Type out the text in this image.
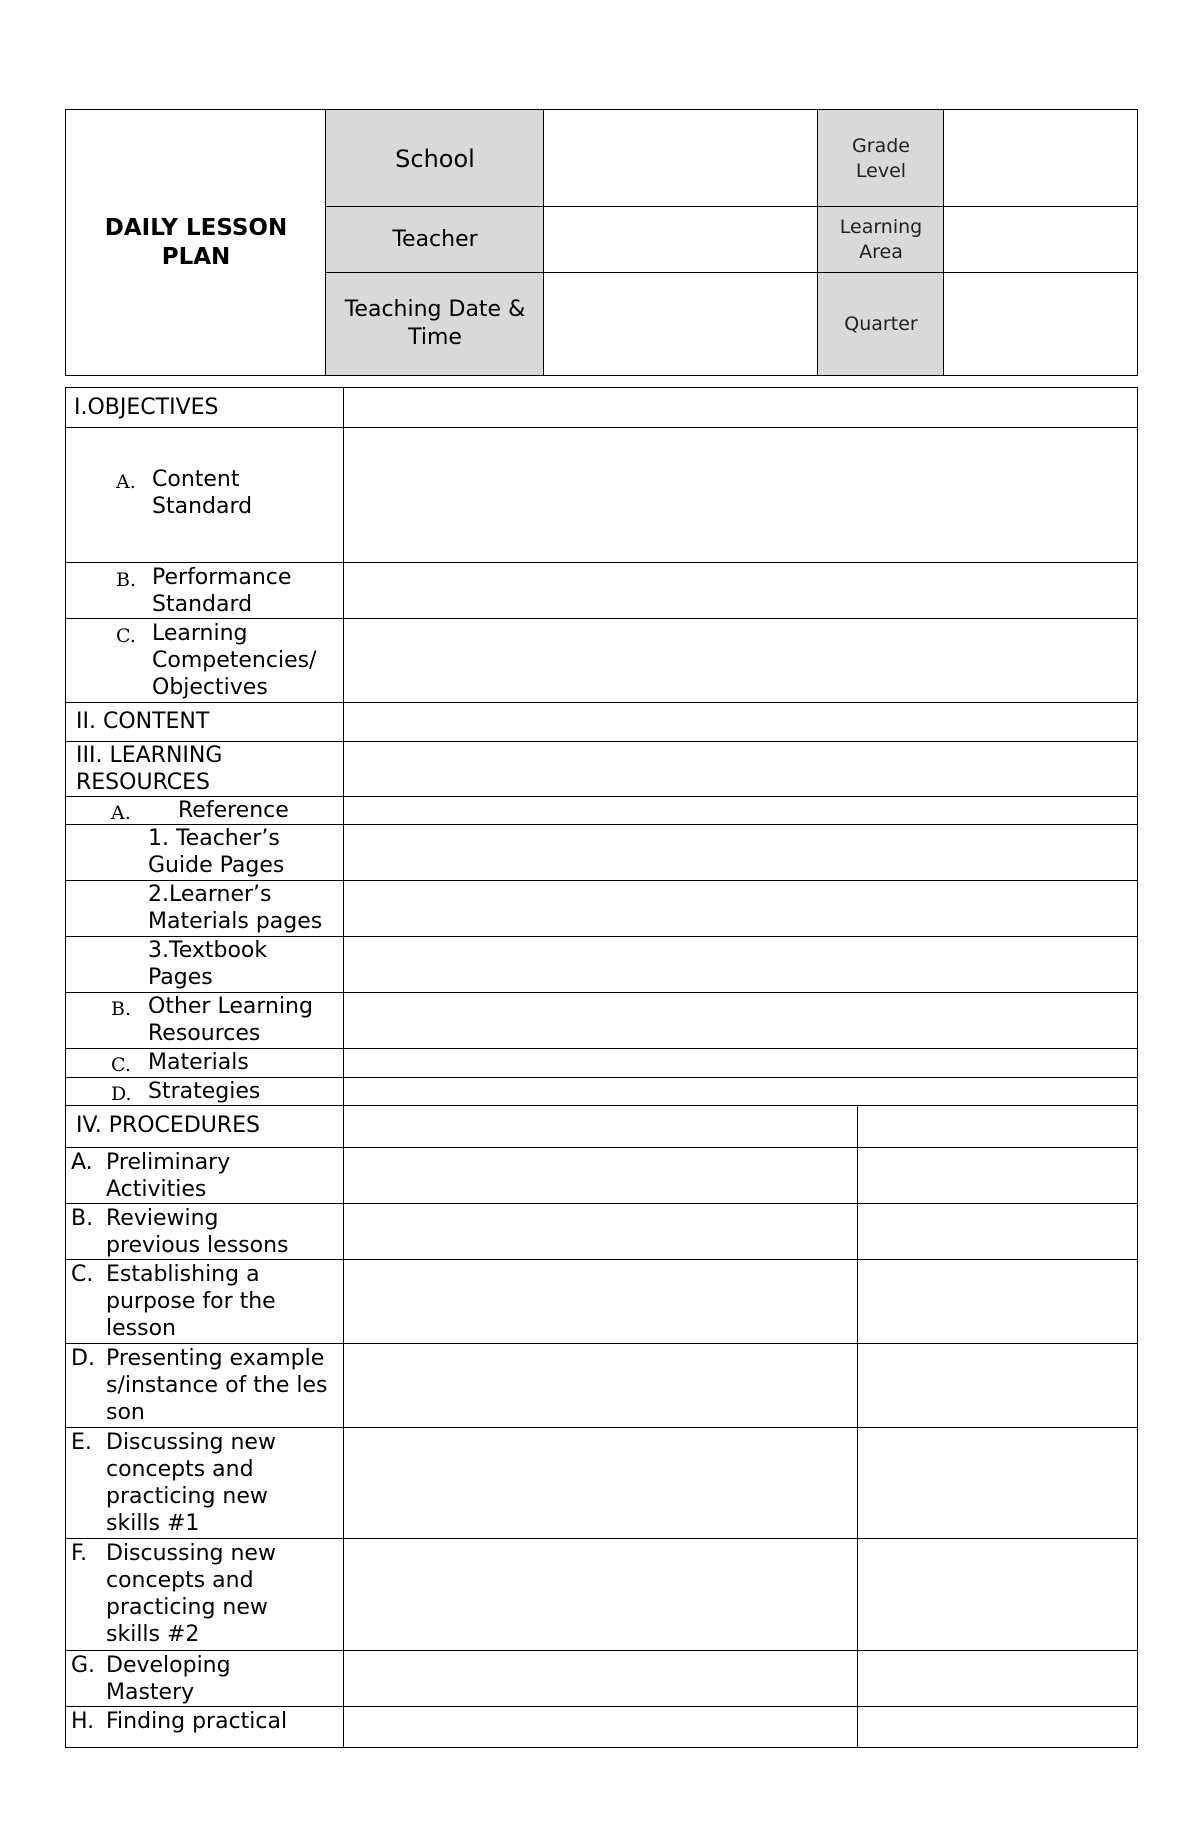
School
Teacher
Teaching Date & Time
Grade Level
Learning Area
Quarter
DAILY LESSON PLAN
I.OBJECTIVES
A. Content Standard
B. Performance Standard
C. Learning Competencies/ Objectives
II. CONTENT
III. LEARNING RESOURCES
A. Reference
1. Teacher’s Guide Pages
2.Learner’s Materials pages
3.Textbook Pages
B. Other Learning Resources
C. Materials
D. Strategies
IV. PROCEDURES
A. Preliminary Activities
B. Reviewing previous lessons
C. Establishing a purpose for the lesson
D. Presenting examples/instance of the lesson
E. Discussing new concepts and practicing new skills #1
F. Discussing new concepts and practicing new skills #2
G. Developing Mastery
H. Finding practical
